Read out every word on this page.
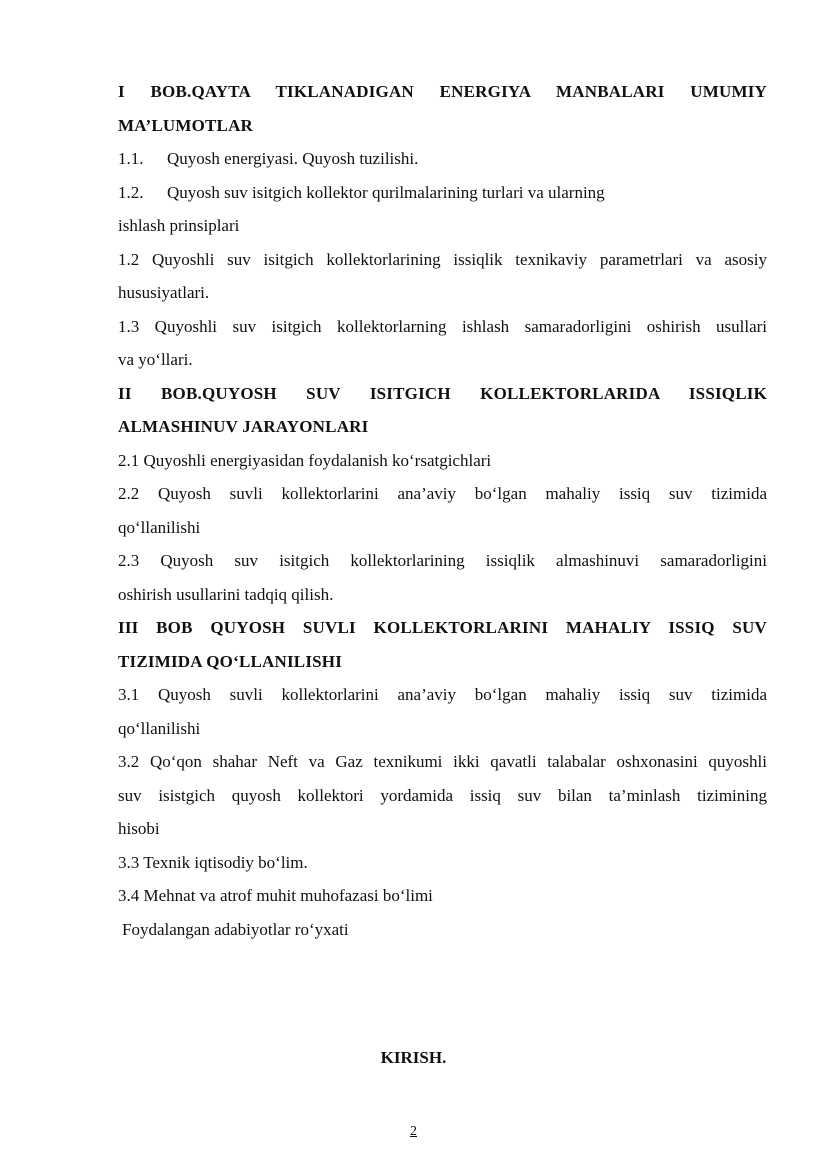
I BOB.QAYTA TIKLANADIGAN ENERGIYA MANBALARI UMUMIY
MA’LUMOTLAR
1.1.	Quyosh energiyasi. Quyosh tuzilishi.
1.2.	Quyosh suv isitgich kollektor qurilmalarining turlari va ularning
ishlash prinsiplari
1.2 Quyoshli suv isitgich kollektorlarining issiqlik texnikaviy parametrlari va asosiy
hususiyatlari.
1.3 Quyoshli suv isitgich kollektorlarning ishlash samaradorligini oshirish usullari
va yo‘llari.
II BOB.QUYOSH SUV ISITGICH KOLLEKTORLARIDA ISSIQLIK
ALMASHINUV JARAYONLARI
2.1 Quyoshli energiyasidan foydalanish ko‘rsatgichlari
2.2 Quyosh suvli kollektorlarini ana’aviy bo‘lgan mahaliy issiq suv tizimida
qo‘llanilishi
2.3 Quyosh suv isitgich kollektorlarining issiqlik almashinuvi samaradorligini
oshirish usullarini tadqiq qilish.
III BOB QUYOSH SUVLI KOLLEKTORLARINI MAHALIY ISSIQ SUV
TIZIMIDA QO‘LLANILISHI
3.1 Quyosh suvli kollektorlarini ana’aviy bo‘lgan mahaliy issiq suv tizimida
qo‘llanilishi
3.2 Qo‘qon shahar Neft va Gaz texnikumi ikki qavatli talabalar oshxonasini quyoshli
suv isistgich quyosh kollektori yordamida issiq suv bilan ta’minlash tizimining
hisobi
3.3 Texnik iqtisodiy bo‘lim.
3.4 Mehnat va atrof muhit muhofazasi bo‘limi
Foydalangan adabiyotlar ro‘yxati
KIRISH.
2
